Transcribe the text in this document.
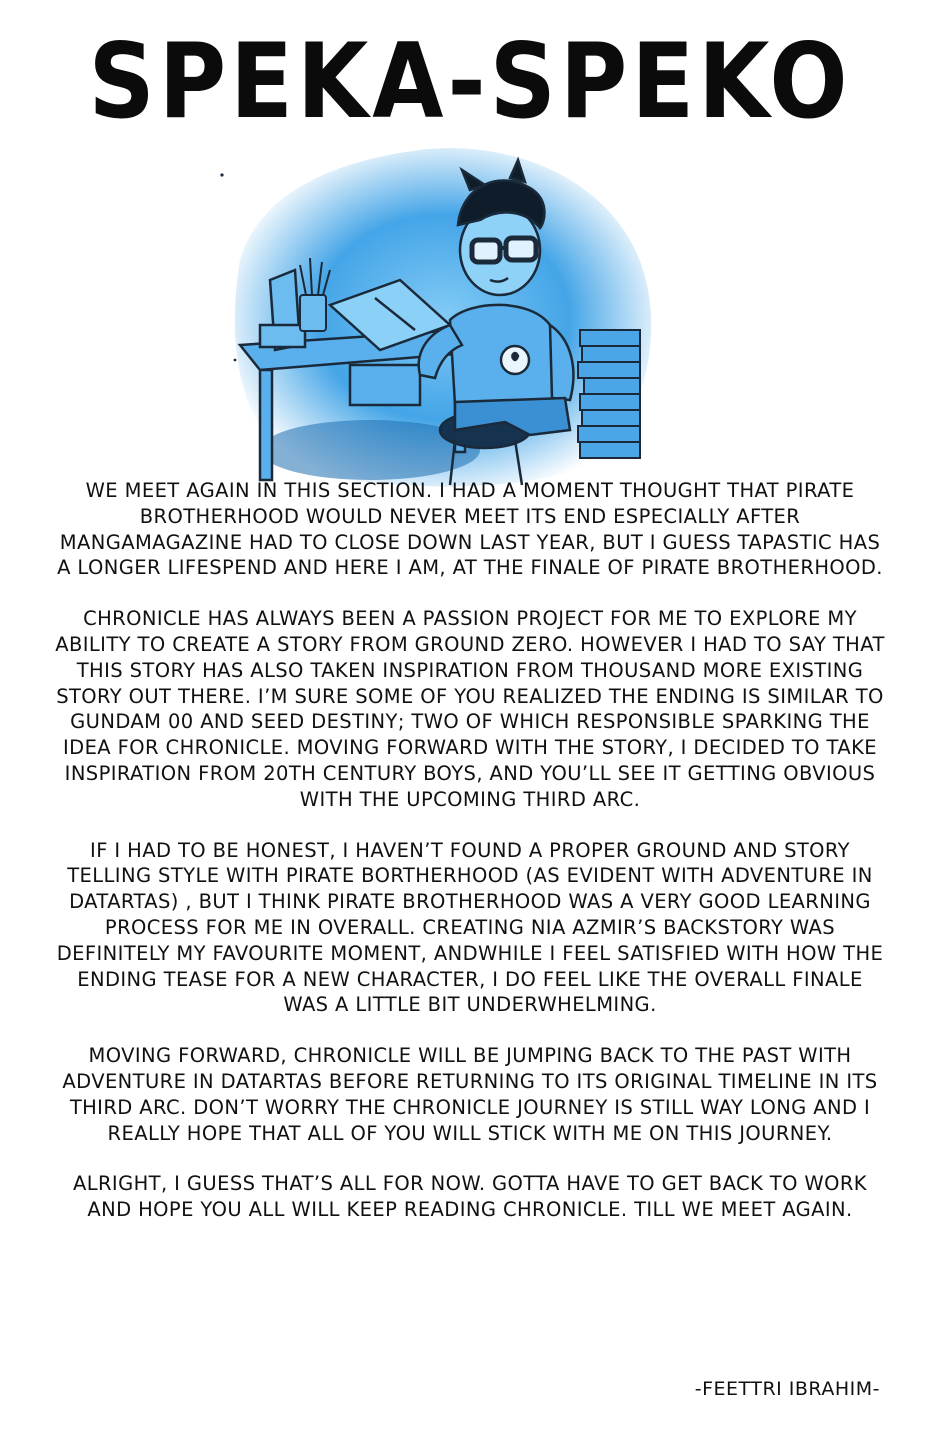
SPEKA-SPEKO

WE MEET AGAIN IN THIS SECTION. I HAD A MOMENT THOUGHT THAT PIRATE BROTHERHOOD WOULD NEVER MEET ITS END ESPECIALLY AFTER MANGAMAGAZINE HAD TO CLOSE DOWN LAST YEAR, BUT I GUESS TAPASTIC HAS A LONGER LIFESPEND AND HERE I AM, AT THE FINALE OF PIRATE BROTHERHOOD.

CHRONICLE HAS ALWAYS BEEN A PASSION PROJECT FOR ME TO EXPLORE MY ABILITY TO CREATE A STORY FROM GROUND ZERO. HOWEVER I HAD TO SAY THAT THIS STORY HAS ALSO TAKEN INSPIRATION FROM THOUSAND MORE EXISTING STORY OUT THERE. I’M SURE SOME OF YOU REALIZED THE ENDING IS SIMILAR TO GUNDAM 00 AND SEED DESTINY; TWO OF WHICH RESPONSIBLE SPARKING THE IDEA FOR CHRONICLE. MOVING FORWARD WITH THE STORY, I DECIDED TO TAKE INSPIRATION FROM 20TH CENTURY BOYS, AND YOU’LL SEE IT GETTING OBVIOUS WITH THE UPCOMING THIRD ARC.

IF I HAD TO BE HONEST, I HAVEN’T FOUND A PROPER GROUND AND STORY TELLING STYLE WITH PIRATE BORTHERHOOD (AS EVIDENT WITH ADVENTURE IN DATARTAS) , BUT I THINK PIRATE BROTHERHOOD WAS A VERY GOOD LEARNING PROCESS FOR ME IN OVERALL. CREATING NIA AZMIR’S BACKSTORY WAS DEFINITELY MY FAVOURITE MOMENT, ANDWHILE I FEEL SATISFIED WITH HOW THE ENDING TEASE FOR A NEW CHARACTER, I DO FEEL LIKE THE OVERALL FINALE WAS A LITTLE BIT UNDERWHELMING.

MOVING FORWARD, CHRONICLE WILL BE JUMPING BACK TO THE PAST WITH ADVENTURE IN DATARTAS BEFORE RETURNING TO ITS ORIGINAL TIMELINE IN ITS THIRD ARC. DON’T WORRY THE CHRONICLE JOURNEY IS STILL WAY LONG AND I REALLY HOPE THAT ALL OF YOU WILL STICK WITH ME ON THIS JOURNEY.

ALRIGHT, I GUESS THAT’S ALL FOR NOW. GOTTA HAVE TO GET BACK TO WORK AND HOPE YOU ALL WILL KEEP READING CHRONICLE. TILL WE MEET AGAIN.

-FEETTRI IBRAHIM-
